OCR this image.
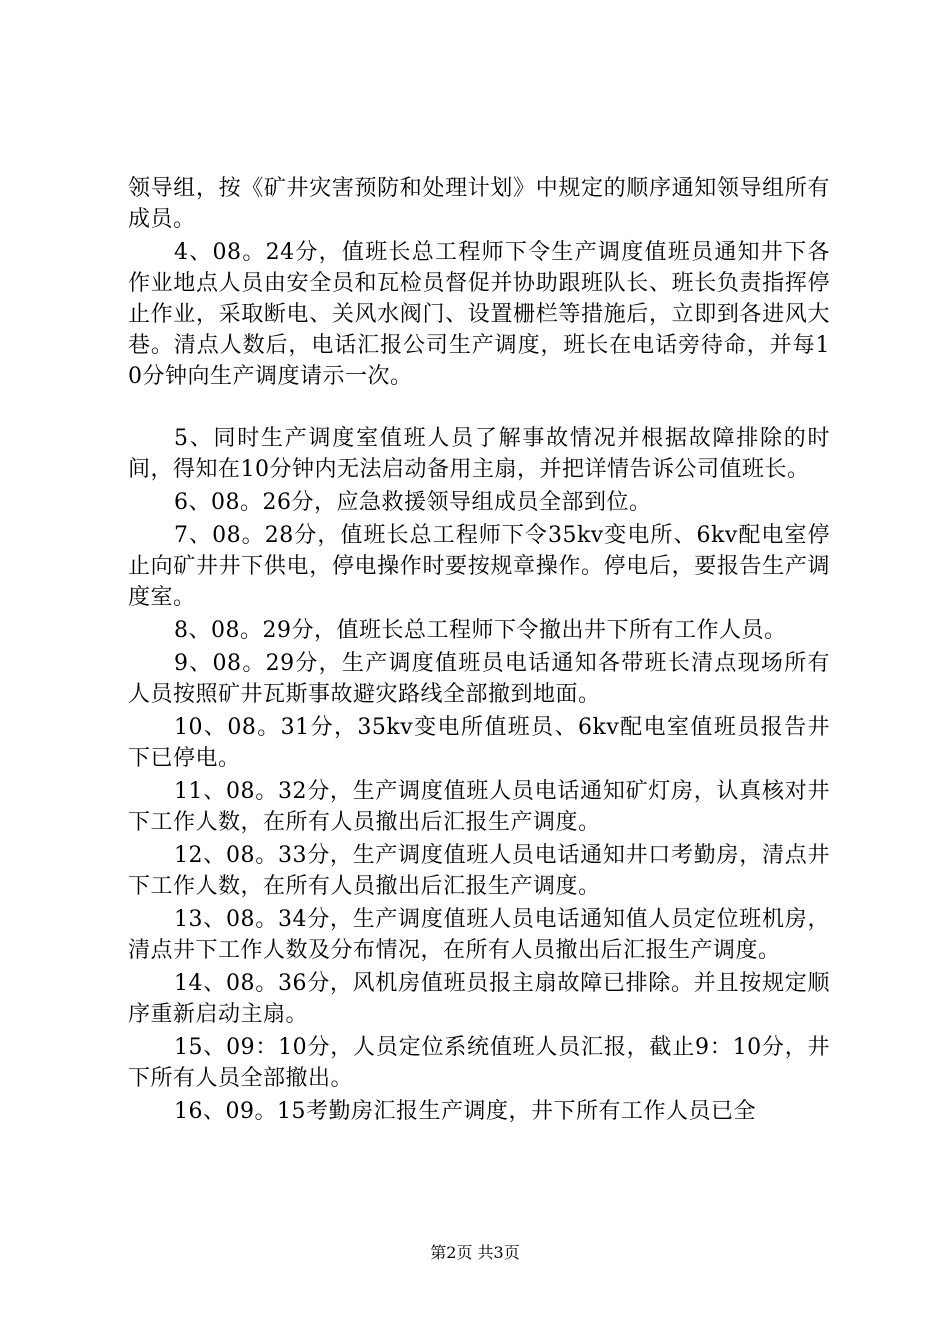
领导组，按《矿井灾害预防和处理计划》中规定的顺序通知领导组所有成员。

4、08。24分，值班长总工程师下令生产调度值班员通知井下各作业地点人员由安全员和瓦检员督促并协助跟班队长、班长负责指挥停止作业，采取断电、关风水阀门、设置栅栏等措施后，立即到各进风大巷。清点人数后，电话汇报公司生产调度，班长在电话旁待命，并每10分钟向生产调度请示一次。

5、同时生产调度室值班人员了解事故情况并根据故障排除的时间，得知在10分钟内无法启动备用主扇，并把详情告诉公司值班长。

6、08。26分，应急救援领导组成员全部到位。

7、08。28分，值班长总工程师下令35kv变电所、6kv配电室停止向矿井井下供电，停电操作时要按规章操作。停电后，要报告生产调度室。

8、08。29分，值班长总工程师下令撤出井下所有工作人员。

9、08。29分，生产调度值班员电话通知各带班长清点现场所有人员按照矿井瓦斯事故避灾路线全部撤到地面。

10、08。31分，35kv变电所值班员、6kv配电室值班员报告井下已停电。

11、08。32分，生产调度值班人员电话通知矿灯房，认真核对井下工作人数，在所有人员撤出后汇报生产调度。

12、08。33分，生产调度值班人员电话通知井口考勤房，清点井下工作人数，在所有人员撤出后汇报生产调度。

13、08。34分，生产调度值班人员电话通知值人员定位班机房，清点井下工作人数及分布情况，在所有人员撤出后汇报生产调度。

14、08。36分，风机房值班员报主扇故障已排除。并且按规定顺序重新启动主扇。

15、09：10分，人员定位系统值班人员汇报，截止9：10分，井下所有人员全部撤出。

16、09。15考勤房汇报生产调度，井下所有工作人员已全

第2页 共3页
